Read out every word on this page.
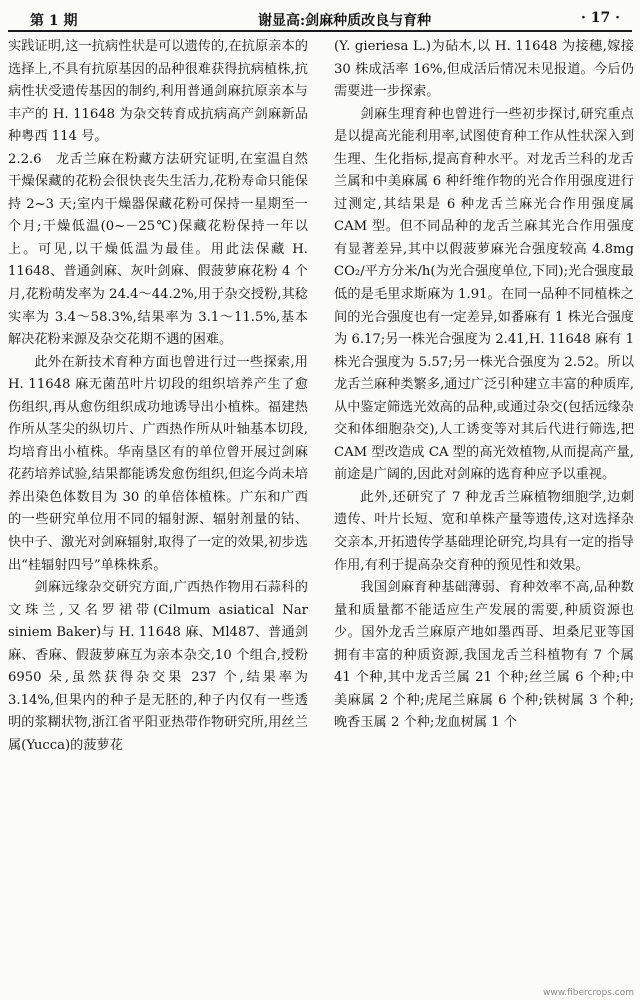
第 1 期	谢显高:剑麻种质改良与育种	· 17 ·

实践证明,这一抗病性状是可以遗传的,在抗原亲本的选择上,不具有抗原基因的品种很难获得抗病植株,抗病性状受遗传基因的制约,利用普通剑麻抗原亲本与丰产的 H. 11648 为杂交转育成抗病高产剑麻新品种粤西 114 号。

2.2.6　龙舌兰麻在粉藏方法研究证明,在室温自然干燥保藏的花粉会很快丧失生活力,花粉寿命只能保持 2~3 天;室内干燥器保藏花粉可保持一星期至一个月;干燥低温(0~－25℃)保藏花粉保持一年以上。可见,以干燥低温为最佳。用此法保藏 H. 11648、普通剑麻、灰叶剑麻、假菠萝麻花粉 4 个月,花粉萌发率为 24.4～44.2%,用于杂交授粉,其稔实率为 3.4～58.3%,结果率为 3.1～11.5%,基本解决花粉来源及杂交花期不遇的困难。

此外在新技术育种方面也曾进行过一些探索,用 H. 11648 麻无菌茁叶片切段的组织培养产生了愈伤组织,再从愈伤组织成功地诱导出小植株。福建热作所从茎尖的纵切片、广西热作所从叶轴基本切段,均培育出小植株。华南垦区有的单位曾开展过剑麻花药培养试验,结果都能诱发愈伤组织,但迄今尚未培养出染色体数目为 30 的单倍体植株。广东和广西的一些研究单位用不同的辐射源、辐射剂量的钴、快中子、激光对剑麻辐射,取得了一定的效果,初步选出“桂辐射四号”单株株系。

剑麻远缘杂交研究方面,广西热作物用石蒜科的文珠兰,又名罗裙带(Cilmum asiatical Nar siniem Baker)与 H. 11648 麻、Ml487、普通剑麻、香麻、假菠萝麻互为亲本杂交,10 个组合,授粉 6950 朵,虽然获得杂交果 237 个,结果率为 3.14%,但果内的种子是无胚的,种子内仅有一些透明的浆糊状物,浙江省平阳亚热带作物研究所,用丝兰属(Yucca)的菠萝花

(Y. gieriesa L.)为砧木,以 H. 11648 为接穗,嫁接 30 株成活率 16%,但成活后情况未见报道。今后仍需要进一步探索。

剑麻生理育种也曾进行一些初步探讨,研究重点是以提高光能利用率,试图使育种工作从性状深入到生理、生化指标,提高育种水平。对龙舌兰科的龙舌兰属和中美麻属 6 种纤维作物的光合作用强度进行过测定,其结果是 6 种龙舌兰麻光合作用强度属 CAM 型。但不同品种的龙舌兰麻其光合作用强度有显著差异,其中以假菠萝麻光合强度较高 4.8mg CO₂/平方分米/h(为光合强度单位,下同);光合强度最低的是毛里求斯麻为 1.91。在同一品种不同植株之间的光合强度也有一定差异,如番麻有 1 株光合强度为 6.17;另一株光合强度为 2.41,H. 11648 麻有 1 株光合强度为 5.57;另一株光合强度为 2.52。所以龙舌兰麻种类繁多,通过广泛引种建立丰富的种质库,从中鉴定筛选光效高的品种,或通过杂交(包括远缘杂交和体细胞杂交),人工诱变等对其后代进行筛选,把 CAM 型改造成 CA 型的高光效植物,从而提高产量,前途是广阔的,因此对剑麻的选育种应予以重视。

此外,还研究了 7 种龙舌兰麻植物细胞学,边刺遗传、叶片长短、宽和单株产量等遗传,这对选择杂交亲本,开拓遗传学基础理论研究,均具有一定的指导作用,有利于提高杂交育种的预见性和效果。

我国剑麻育种基础薄弱、育种效率不高,品种数量和质量都不能适应生产发展的需要,种质资源也少。国外龙舌兰麻原产地如墨西哥、坦桑尼亚等国拥有丰富的种质资源,我国龙舌兰科植物有 7 个属 41 个种,其中龙舌兰属 21 个种;丝兰属 6 个种;中美麻属 2 个种;虎尾兰麻属 6 个种;铁树属 3 个种;晚香玉属 2 个种;龙血树属 1 个

www.fibercrops.com
